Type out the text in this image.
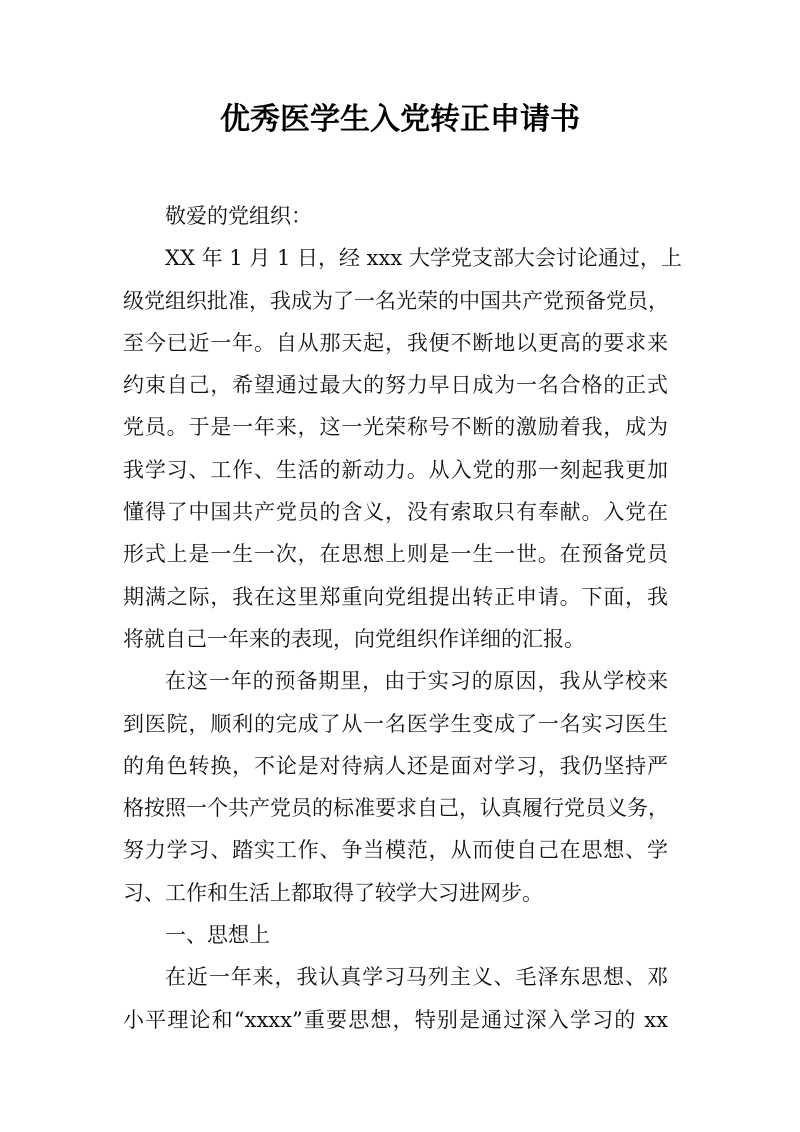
优秀医学生入党转正申请书
敬爱的党组织：
XX 年 1 月 1 日，经 xxx 大学党支部大会讨论通过，上
级党组织批准，我成为了一名光荣的中国共产党预备党员，
至今已近一年。自从那天起，我便不断地以更高的要求来
约束自己，希望通过最大的努力早日成为一名合格的正式
党员。于是一年来，这一光荣称号不断的激励着我，成为
我学习、工作、生活的新动力。从入党的那一刻起我更加
懂得了中国共产党员的含义，没有索取只有奉献。入党在
形式上是一生一次，在思想上则是一生一世。在预备党员
期满之际，我在这里郑重向党组提出转正申请。下面，我
将就自己一年来的表现，向党组织作详细的汇报。
在这一年的预备期里，由于实习的原因，我从学校来
到医院，顺利的完成了从一名医学生变成了一名实习医生
的角色转换，不论是对待病人还是面对学习，我仍坚持严
格按照一个共产党员的标准要求自己，认真履行党员义务，
努力学习、踏实工作、争当模范，从而使自己在思想、学
习、工作和生活上都取得了较学大习进网步。
一、思想上
在近一年来，我认真学习马列主义、毛泽东思想、邓
小平理论和“xxxx”重要思想，特别是通过深入学习的 xx
